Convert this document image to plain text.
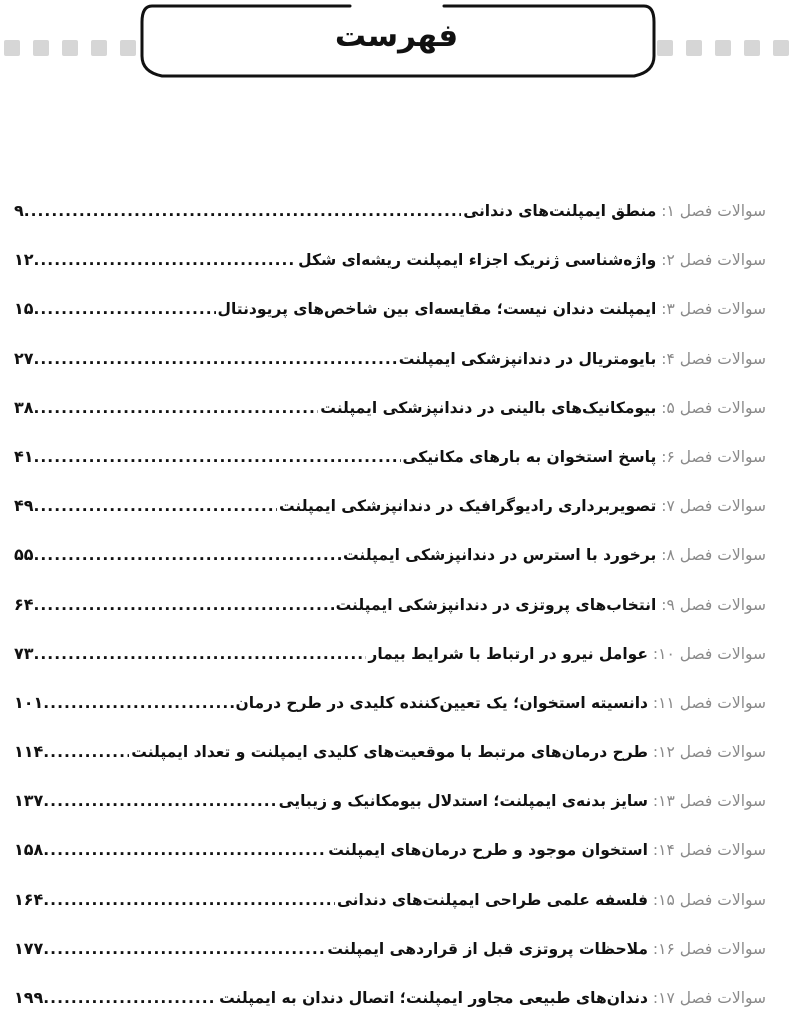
فهرست
سوالات فصل ۱:

منطق ایمپلنت‌های دندانی
.....
۹
سوالات فصل ۲:

واژه‌شناسی ژنریک اجزاء ایمپلنت ریشه‌ای شکل
.....
۱۲
سوالات فصل ۳:

ایمپلنت دندان نیست؛ مقایسه‌ای بین شاخص‌های پریودنتال
.....
۱۵
سوالات فصل ۴:

بایومتریال در دندانپزشکی ایمپلنت
.....
۲۷
سوالات فصل ۵:

بیومکانیک‌های بالینی در دندانپزشکی ایمپلنت
.....
۳۸
سوالات فصل ۶:

پاسخ استخوان به بارهای مکانیکی
.....
۴۱
سوالات فصل ۷:

تصویربرداری رادیوگرافیک در دندانپزشکی ایمپلنت
.....
۴۹
سوالات فصل ۸:

برخورد با استرس در دندانپزشکی ایمپلنت
.....
۵۵
سوالات فصل ۹:

انتخاب‌های پروتزی در دندانپزشکی ایمپلنت
.....
۶۴
سوالات فصل ۱۰:

عوامل نیرو در ارتباط با شرایط بیمار
.....
۷۳
سوالات فصل ۱۱:

دانسیته استخوان؛ یک تعیین‌کننده کلیدی در طرح درمان
.....
۱۰۱
سوالات فصل ۱۲:

طرح درمان‌های مرتبط با موقعیت‌های کلیدی ایمپلنت و تعداد ایمپلنت
.....
۱۱۴
سوالات فصل ۱۳:

سایز بدنه‌ی ایمپلنت؛ استدلال بیومکانیک و زیبایی
.....
۱۳۷
سوالات فصل ۱۴:

استخوان موجود و طرح درمان‌های ایمپلنت
.....
۱۵۸
سوالات فصل ۱۵:

فلسفه علمی طراحی ایمپلنت‌های دندانی
.....
۱۶۴
سوالات فصل ۱۶:

ملاحظات پروتزی قبل از قراردهی ایمپلنت
.....
۱۷۷
سوالات فصل ۱۷:

دندان‌های طبیعی مجاور ایمپلنت؛ اتصال دندان به ایمپلنت
.....
۱۹۹
